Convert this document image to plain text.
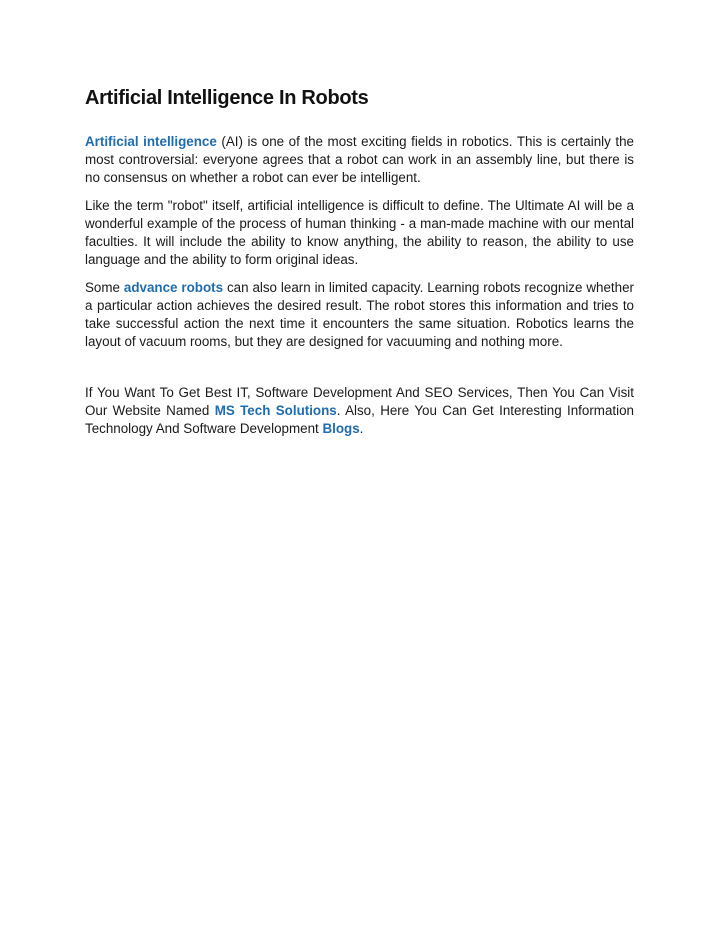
Artificial Intelligence In Robots

Artificial intelligence (AI) is one of the most exciting fields in robotics. This is certainly the most controversial: everyone agrees that a robot can work in an assembly line, but there is no consensus on whether a robot can ever be intelligent.

Like the term "robot" itself, artificial intelligence is difficult to define. The Ultimate AI will be a wonderful example of the process of human thinking - a man-made machine with our mental faculties. It will include the ability to know anything, the ability to reason, the ability to use language and the ability to form original ideas.

Some advance robots can also learn in limited capacity. Learning robots recognize whether a particular action achieves the desired result. The robot stores this information and tries to take successful action the next time it encounters the same situation. Robotics learns the layout of vacuum rooms, but they are designed for vacuuming and nothing more.

If You Want To Get Best IT, Software Development And SEO Services, Then You Can Visit Our Website Named MS Tech Solutions. Also, Here You Can Get Interesting Information Technology And Software Development Blogs.
